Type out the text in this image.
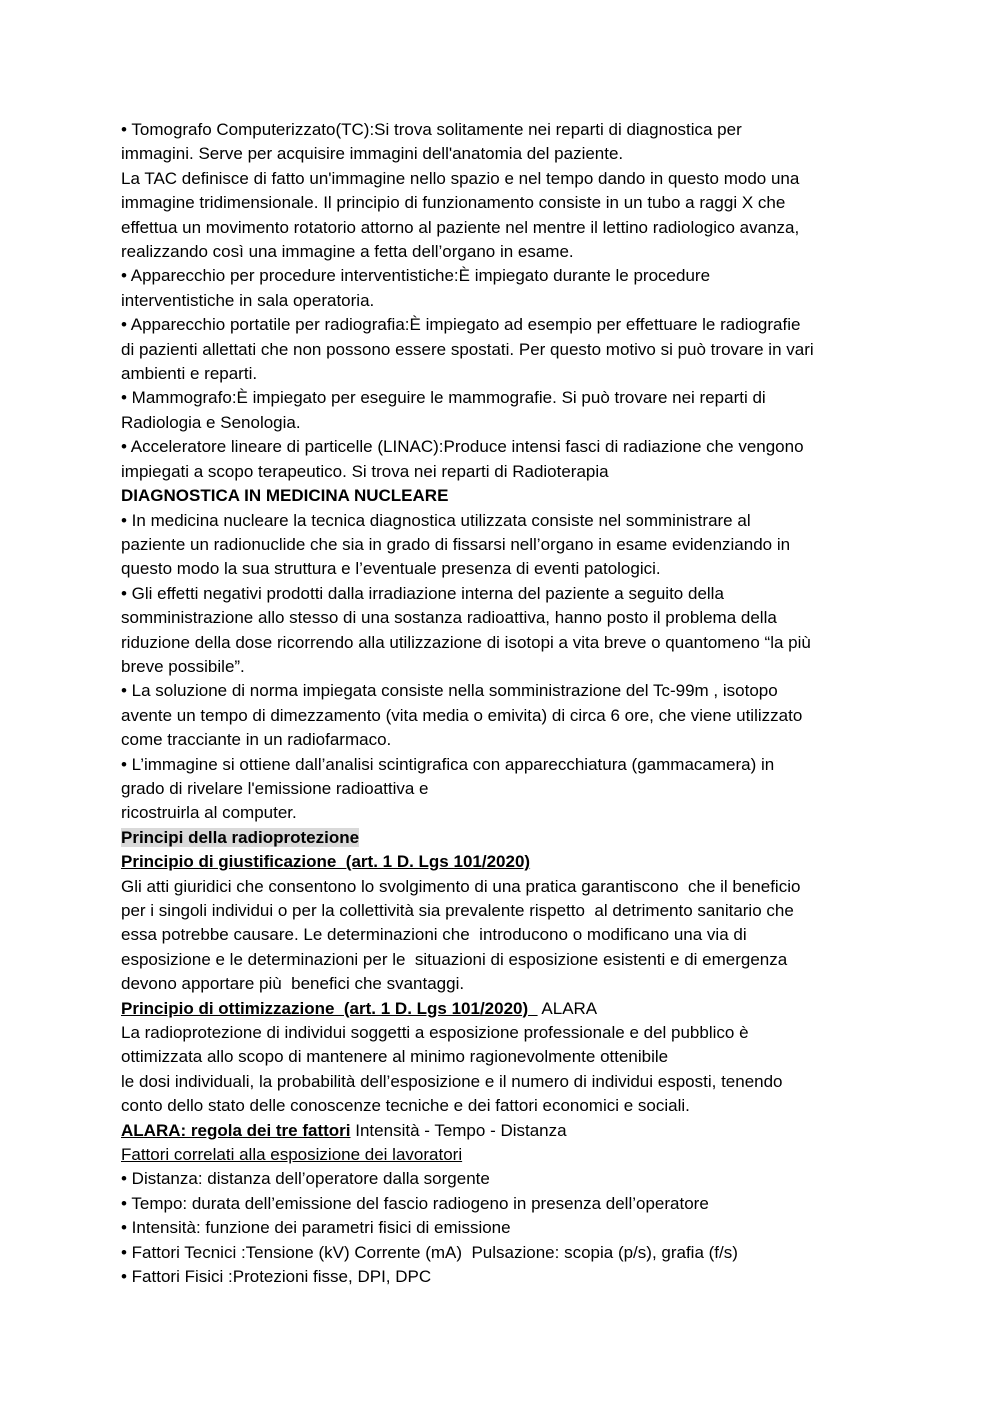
• Tomografo Computerizzato(TC):Si trova solitamente nei reparti di diagnostica per
immagini. Serve per acquisire immagini dell'anatomia del paziente.
La TAC definisce di fatto un'immagine nello spazio e nel tempo dando in questo modo una
immagine tridimensionale. Il principio di funzionamento consiste in un tubo a raggi X che
effettua un movimento rotatorio attorno al paziente nel mentre il lettino radiologico avanza,
realizzando così una immagine a fetta dell’organo in esame.
• Apparecchio per procedure interventistiche:È impiegato durante le procedure
interventistiche in sala operatoria.
• Apparecchio portatile per radiografia:È impiegato ad esempio per effettuare le radiografie
di pazienti allettati che non possono essere spostati. Per questo motivo si può trovare in vari
ambienti e reparti.
• Mammografo:È impiegato per eseguire le mammografie. Si può trovare nei reparti di
Radiologia e Senologia.
• Acceleratore lineare di particelle (LINAC):Produce intensi fasci di radiazione che vengono
impiegati a scopo terapeutico. Si trova nei reparti di Radioterapia
DIAGNOSTICA IN MEDICINA NUCLEARE
• In medicina nucleare la tecnica diagnostica utilizzata consiste nel somministrare al
paziente un radionuclide che sia in grado di fissarsi nell’organo in esame evidenziando in
questo modo la sua struttura e l’eventuale presenza di eventi patologici.
• Gli effetti negativi prodotti dalla irradiazione interna del paziente a seguito della
somministrazione allo stesso di una sostanza radioattiva, hanno posto il problema della
riduzione della dose ricorrendo alla utilizzazione di isotopi a vita breve o quantomeno “la più
breve possibile”.
• La soluzione di norma impiegata consiste nella somministrazione del Tc-99m , isotopo
avente un tempo di dimezzamento (vita media o emivita) di circa 6 ore, che viene utilizzato
come tracciante in un radiofarmaco.
• L’immagine si ottiene dall’analisi scintigrafica con apparecchiatura (gammacamera) in
grado di rivelare l'emissione radioattiva e
ricostruirla al computer.
Principi della radioprotezione
Principio di giustificazione  (art. 1 D. Lgs 101/2020)
Gli atti giuridici che consentono lo svolgimento di una pratica garantiscono  che il beneficio
per i singoli individui o per la collettività sia prevalente rispetto  al detrimento sanitario che
essa potrebbe causare. Le determinazioni che  introducono o modificano una via di
esposizione e le determinazioni per le  situazioni di esposizione esistenti e di emergenza
devono apportare più  benefici che svantaggi.
Principio di ottimizzazione  (art. 1 D. Lgs 101/2020)   ALARA
La radioprotezione di individui soggetti a esposizione professionale e del pubblico è
ottimizzata allo scopo di mantenere al minimo ragionevolmente ottenibile
le dosi individuali, la probabilità dell’esposizione e il numero di individui esposti, tenendo
conto dello stato delle conoscenze tecniche e dei fattori economici e sociali.
ALARA: regola dei tre fattori Intensità - Tempo - Distanza
Fattori correlati alla esposizione dei lavoratori
• Distanza: distanza dell’operatore dalla sorgente
• Tempo: durata dell’emissione del fascio radiogeno in presenza dell’operatore
• Intensità: funzione dei parametri fisici di emissione
• Fattori Tecnici :Tensione (kV) Corrente (mA)  Pulsazione: scopia (p/s), grafia (f/s)
• Fattori Fisici :Protezioni fisse, DPI, DPC
